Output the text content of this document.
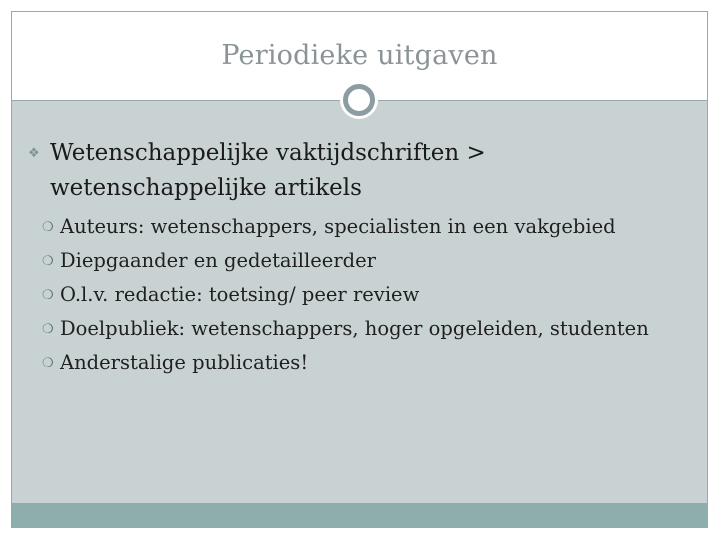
Periodieke uitgaven
❖ Wetenschappelijke vaktijdschriften >
wetenschappelijke artikels
❍ Auteurs: wetenschappers, specialisten in een vakgebied
❍ Diepgaander en gedetailleerder
❍ O.l.v. redactie: toetsing/ peer review
❍ Doelpubliek: wetenschappers, hoger opgeleiden, studenten
❍ Anderstalige publicaties!
